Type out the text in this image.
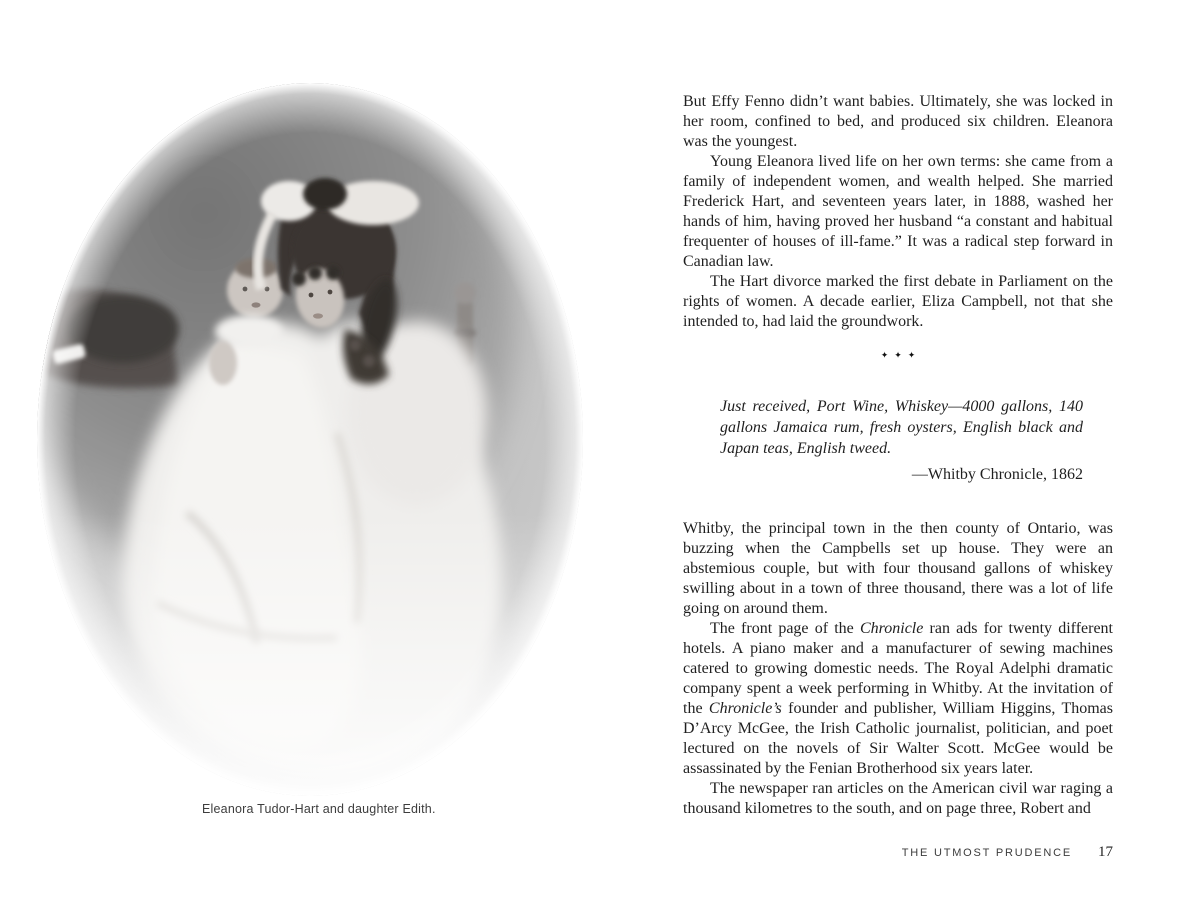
Eleanora Tudor-Hart and daughter Edith.

But Effy Fenno didn’t want babies. Ultimately, she was locked in her room, confined to bed, and produced six children. Eleanora was the youngest.

Young Eleanora lived life on her own terms: she came from a family of independent women, and wealth helped. She married Frederick Hart, and seventeen years later, in 1888, washed her hands of him, having proved her husband “a constant and habitual frequenter of houses of ill-fame.” It was a radical step forward in Canadian law.

The Hart divorce marked the first debate in Parliament on the rights of women. A decade earlier, Eliza Campbell, not that she intended to, had laid the groundwork.

✦✦✦
Just received, Port Wine, Whiskey—4000 gallons, 140 gallons Jamaica rum, fresh oysters, English black and Japan teas, English tweed.
—Whitby Chronicle, 1862

Whitby, the principal town in the then county of Ontario, was buzzing when the Campbells set up house. They were an abstemious couple, but with four thousand gallons of whiskey swilling about in a town of three thousand, there was a lot of life going on around them.

The front page of the Chronicle ran ads for twenty different hotels. A piano maker and a manufacturer of sewing machines catered to growing domestic needs. The Royal Adelphi dramatic company spent a week performing in Whitby. At the invitation of the Chronicle’s founder and publisher, William Higgins, Thomas D’Arcy McGee, the Irish Catholic journalist, politician, and poet lectured on the novels of Sir Walter Scott. McGee would be assassinated by the Fenian Brotherhood six years later.

The newspaper ran articles on the American civil war raging a thousand kilometres to the south, and on page three, Robert and

THE UTMOST PRUDENCE 17
